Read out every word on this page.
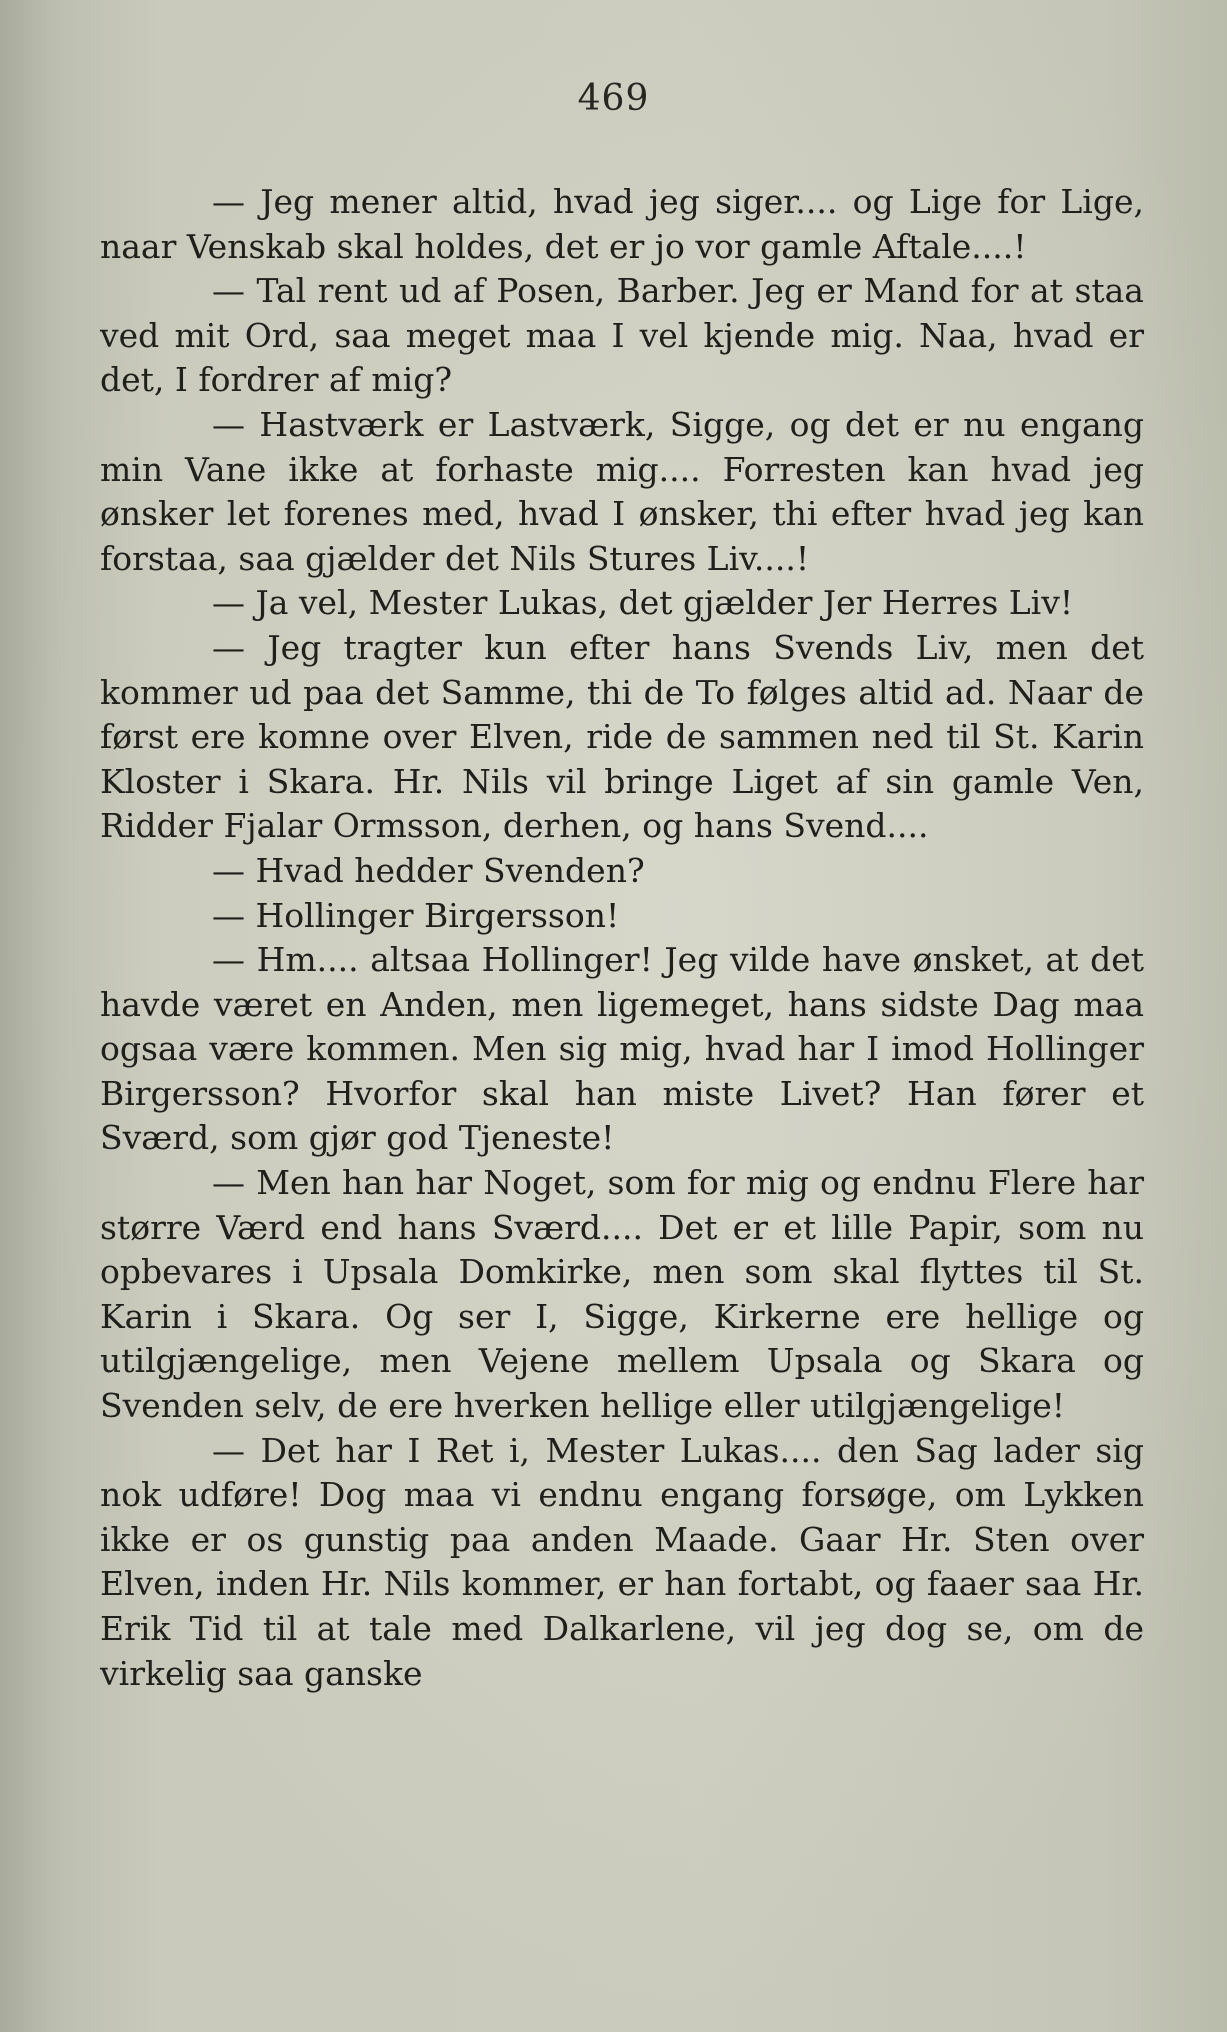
469

— Jeg mener altid, hvad jeg siger.... og Lige for Lige, naar Venskab skal holdes, det er jo vor gamle Aftale....!

— Tal rent ud af Posen, Barber. Jeg er Mand for at staa ved mit Ord, saa meget maa I vel kjende mig. Naa, hvad er det, I fordrer af mig?

— Hastværk er Lastværk, Sigge, og det er nu engang min Vane ikke at forhaste mig.... Forresten kan hvad jeg ønsker let forenes med, hvad I ønsker, thi efter hvad jeg kan forstaa, saa gjælder det Nils Stures Liv....!

— Ja vel, Mester Lukas, det gjælder Jer Herres Liv!

— Jeg tragter kun efter hans Svends Liv, men det kommer ud paa det Samme, thi de To følges altid ad. Naar de først ere komne over Elven, ride de sammen ned til St. Karin Kloster i Skara. Hr. Nils vil bringe Liget af sin gamle Ven, Ridder Fjalar Ormsson, derhen, og hans Svend....

— Hvad hedder Svenden?

— Hollinger Birgersson!

— Hm.... altsaa Hollinger! Jeg vilde have ønsket, at det havde været en Anden, men ligemeget, hans sidste Dag maa ogsaa være kommen. Men sig mig, hvad har I imod Hollinger Birgersson? Hvorfor skal han miste Livet? Han fører et Sværd, som gjør god Tjeneste!

— Men han har Noget, som for mig og endnu Flere har større Værd end hans Sværd.... Det er et lille Papir, som nu opbevares i Upsala Domkirke, men som skal flyttes til St. Karin i Skara. Og ser I, Sigge, Kirkerne ere hellige og utilgjængelige, men Vejene mellem Upsala og Skara og Svenden selv, de ere hverken hellige eller utilgjængelige!

— Det har I Ret i, Mester Lukas.... den Sag lader sig nok udføre! Dog maa vi endnu engang forsøge, om Lykken ikke er os gunstig paa anden Maade. Gaar Hr. Sten over Elven, inden Hr. Nils kommer, er han fortabt, og faaer saa Hr. Erik Tid til at tale med Dalkarlene, vil jeg dog se, om de virkelig saa ganske
